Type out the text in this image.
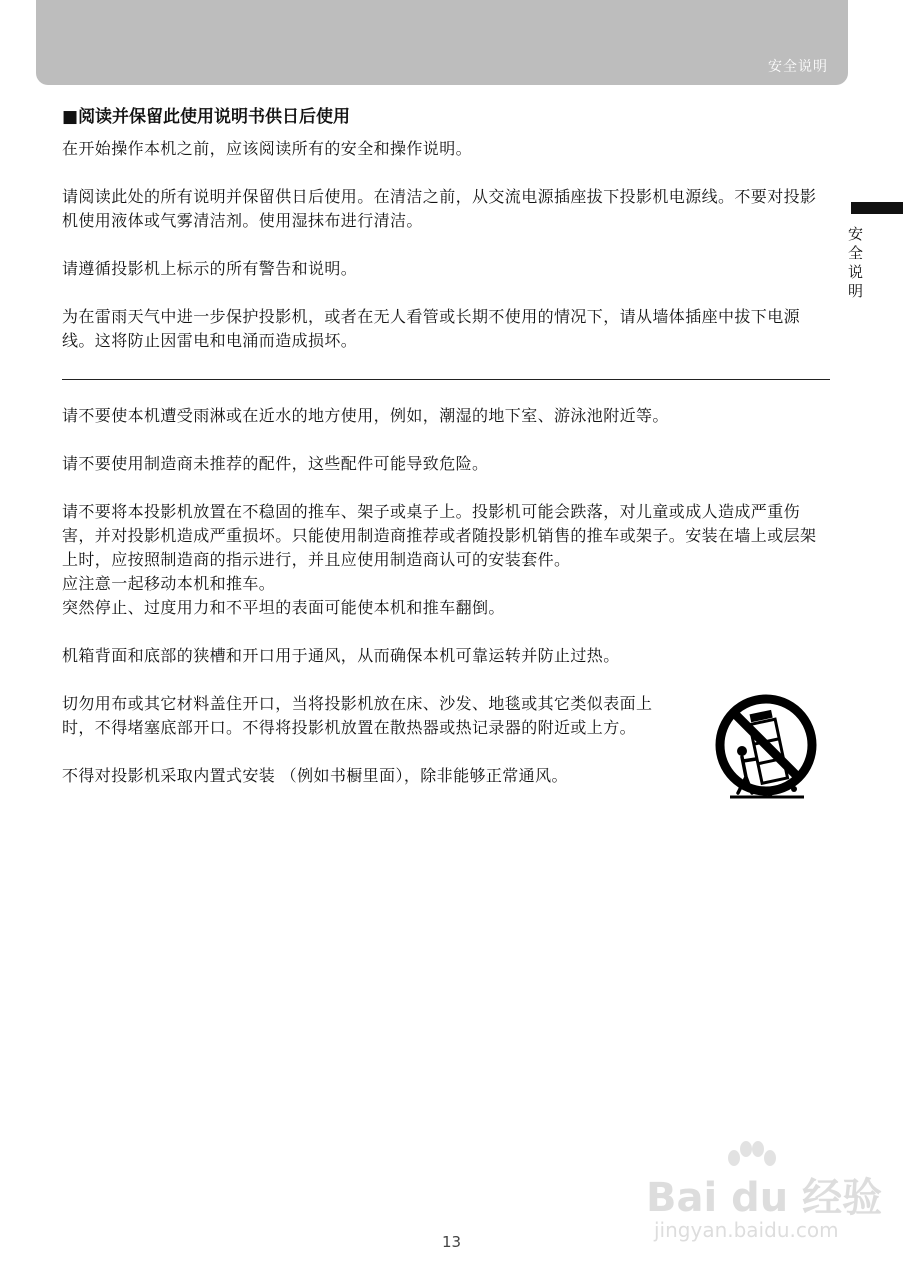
安全说明
安全说明
■阅读并保留此使用说明书供日后使用

在开始操作本机之前，应该阅读所有的安全和操作说明。

请阅读此处的所有说明并保留供日后使用。在清洁之前，从交流电源插座拔下投影机电源线。不要对投影机使用液体或气雾清洁剂。使用湿抹布进行清洁。

请遵循投影机上标示的所有警告和说明。

为在雷雨天气中进一步保护投影机，或者在无人看管或长期不使用的情况下，请从墙体插座中拔下电源线。这将防止因雷电和电涌而造成损坏。

请不要使本机遭受雨淋或在近水的地方使用，例如，潮湿的地下室、游泳池附近等。

请不要使用制造商未推荐的配件，这些配件可能导致危险。

请不要将本投影机放置在不稳固的推车、架子或桌子上。投影机可能会跌落，对儿童或成人造成严重伤害，并对投影机造成严重损坏。只能使用制造商推荐或者随投影机销售的推车或架子。安装在墙上或层架上时，应按照制造商的指示进行，并且应使用制造商认可的安装套件。

应注意一起移动本机和推车。

突然停止、过度用力和不平坦的表面可能使本机和推车翻倒。

机箱背面和底部的狭槽和开口用于通风，从而确保本机可靠运转并防止过热。

切勿用布或其它材料盖住开口，当将投影机放在床、沙发、地毯或其它类似表面上时，不得堵塞底部开口。不得将投影机放置在散热器或热记录器的附近或上方。

不得对投影机采取内置式安装 （例如书橱里面），除非能够正常通风。

Bai du 经验
jingyan.baidu.com
13
